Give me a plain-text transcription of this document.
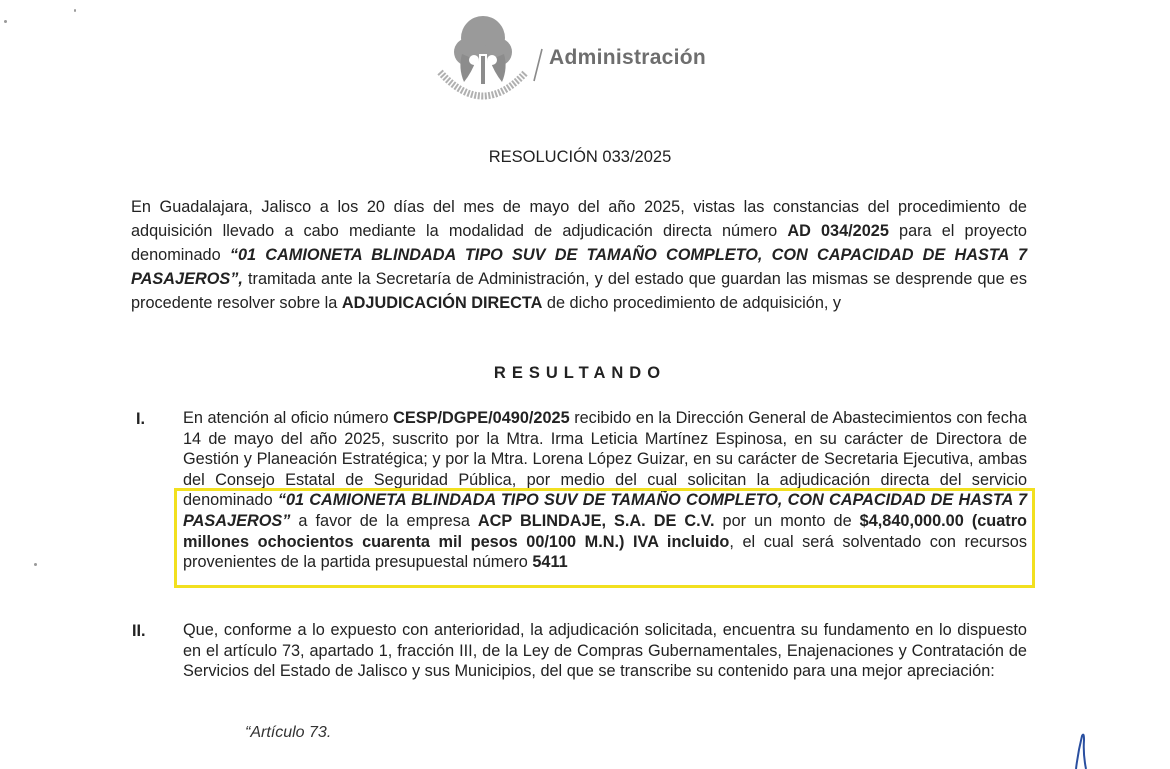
Administración
RESOLUCIÓN 033/2025
En Guadalajara, Jalisco a los 20 días del mes de mayo del año 2025, vistas las constancias del procedimiento de adquisición llevado a cabo mediante la modalidad de adjudicación directa número AD 034/2025 para el proyecto denominado “01 CAMIONETA BLINDADA TIPO SUV DE TAMAÑO COMPLETO, CON CAPACIDAD DE HASTA 7 PASAJEROS”, tramitada ante la Secretaría de Administración, y del estado que guardan las mismas se desprende que es procedente resolver sobre la ADJUDICACIÓN DIRECTA de dicho procedimiento de adquisición, y
RESULTANDO
I. En atención al oficio número CESP/DGPE/0490/2025 recibido en la Dirección General de Abastecimientos con fecha 14 de mayo del año 2025, suscrito por la Mtra. Irma Leticia Martínez Espinosa, en su carácter de Directora de Gestión y Planeación Estratégica; y por la Mtra. Lorena López Guizar, en su carácter de Secretaria Ejecutiva, ambas del Consejo Estatal de Seguridad Pública, por medio del cual solicitan la adjudicación directa del servicio denominado “01 CAMIONETA BLINDADA TIPO SUV DE TAMAÑO COMPLETO, CON CAPACIDAD DE HASTA 7 PASAJEROS” a favor de la empresa ACP BLINDAJE, S.A. DE C.V. por un monto de $4,840,000.00 (cuatro millones ochocientos cuarenta mil pesos 00/100 M.N.) IVA incluido, el cual será solventado con recursos provenientes de la partida presupuestal número 5411
II. Que, conforme a lo expuesto con anterioridad, la adjudicación solicitada, encuentra su fundamento en lo dispuesto en el artículo 73, apartado 1, fracción III, de la Ley de Compras Gubernamentales, Enajenaciones y Contratación de Servicios del Estado de Jalisco y sus Municipios, del que se transcribe su contenido para una mejor apreciación:
“Artículo 73.
